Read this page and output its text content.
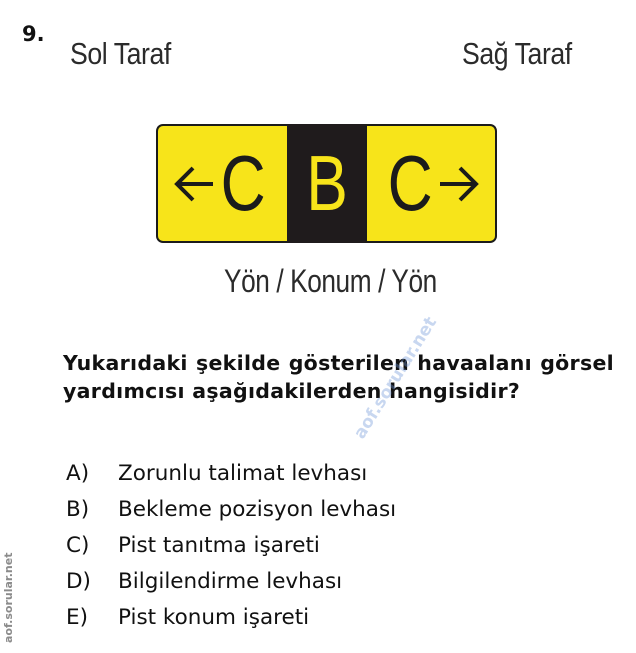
9.
Sol Taraf	Sağ Taraf
C B C
Yön / Konum / Yön

Yukarıdaki şekilde gösterilen havaalanı görsel yardımcısı aşağıdakilerden hangisidir?

A)	Zorunlu talimat levhası
B)	Bekleme pozisyon levhası
C)	Pist tanıtma işareti
D)	Bilgilendirme levhası
E)	Pist konum işareti
aof.sorular.net
aof.sorular.net
